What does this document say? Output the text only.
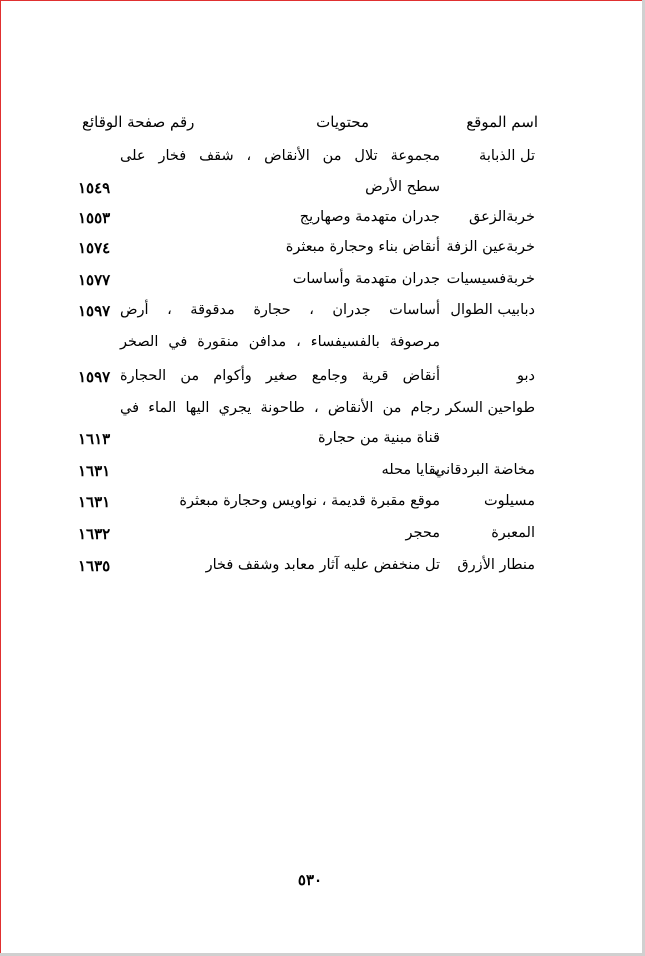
اسم الموقع
محتويات
رقم صفحة الوقائع
تل الذبابة
مجموعة تلال من الأنقاض ، شقف فخار على
سطح الأرض
١٥٤٩
خربةالزعق
جدران متهدمة وصهاريج
١٥٥٣
خربةعين الزفة
أنقاض بناء وحجارة مبعثرة
١٥٧٤
خربةفسيسيات
جدران متهدمة وأساسات
١٥٧٧
دبابيب الطوال
أساسات جدران ، حجارة مدقوقة ، أرض
١٥٩٧
مرصوفة بالفسيفساء ، مدافن منقورة في الصخر
دبو
أنقاض قرية وجامع صغير وأكوام من الحجارة
١٥٩٧
طواحين السكر
رجام من الأنقاض ، طاحونة يجري اليها الماء في
قناة مبنية من حجارة
١٦١٣
مخاضة البردقاني
بقايا محله
١٦٣١
مسيلوت
موقع مقبرة قديمة ، نواويس وحجارة مبعثرة
١٦٣١
المعبرة
محجر
١٦٣٢
منطار الأزرق
تل منخفض عليه آثار معابد وشقف فخار
١٦٣٥
٥٣٠
